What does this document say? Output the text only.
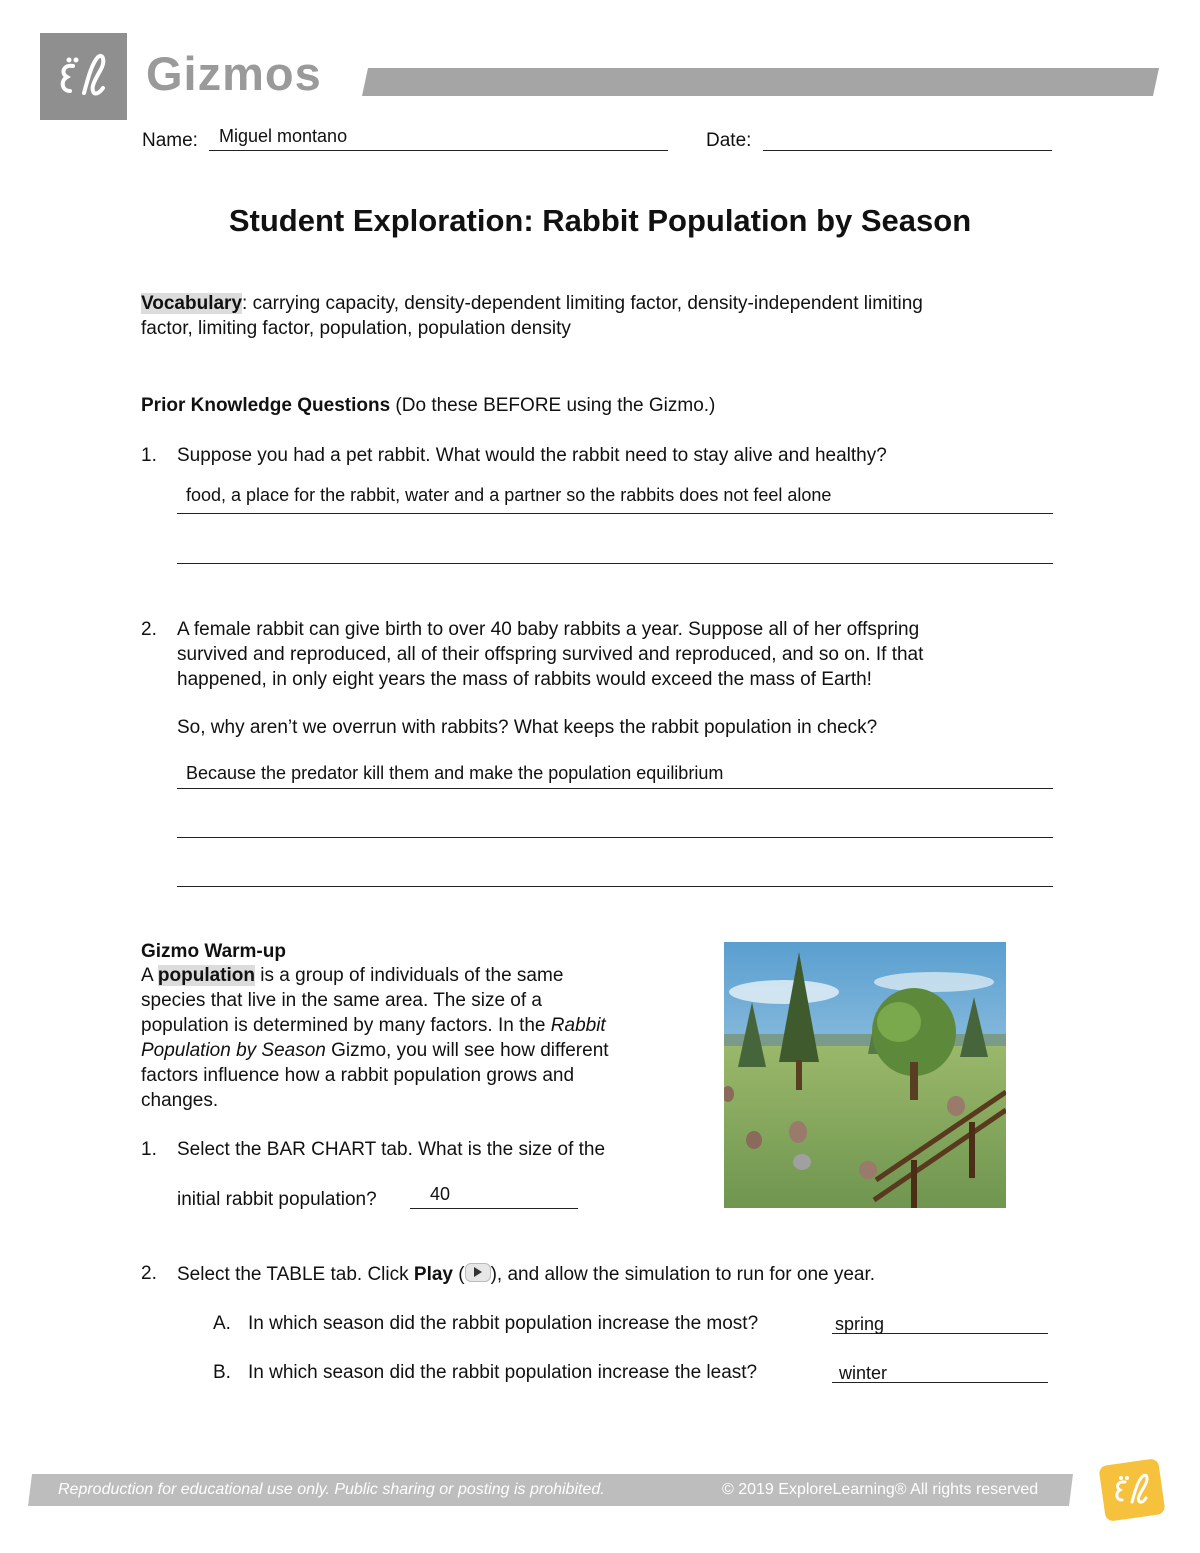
Gizmos
Name: Miguel montano	Date:
Student Exploration: Rabbit Population by Season
Vocabulary: carrying capacity, density-dependent limiting factor, density-independent limiting
factor, limiting factor, population, population density
Prior Knowledge Questions (Do these BEFORE using the Gizmo.)
1. Suppose you had a pet rabbit. What would the rabbit need to stay alive and healthy?
food, a place for the rabbit, water and a partner so the rabbits does not feel alone
2. A female rabbit can give birth to over 40 baby rabbits a year. Suppose all of her offspring
survived and reproduced, all of their offspring survived and reproduced, and so on. If that
happened, in only eight years the mass of rabbits would exceed the mass of Earth!
So, why aren’t we overrun with rabbits? What keeps the rabbit population in check?
Because the predator kill them and make the population equilibrium
Gizmo Warm-up
A population is a group of individuals of the same
species that live in the same area. The size of a
population is determined by many factors. In the Rabbit
Population by Season Gizmo, you will see how different
factors influence how a rabbit population grows and
changes.
1. Select the BAR CHART tab. What is the size of the
initial rabbit population?	40
2. Select the TABLE tab. Click Play ( ), and allow the simulation to run for one year.
A. In which season did the rabbit population increase the most?	spring
B. In which season did the rabbit population increase the least?	winter
Reproduction for educational use only. Public sharing or posting is prohibited.	© 2019 ExploreLearning® All rights reserved
